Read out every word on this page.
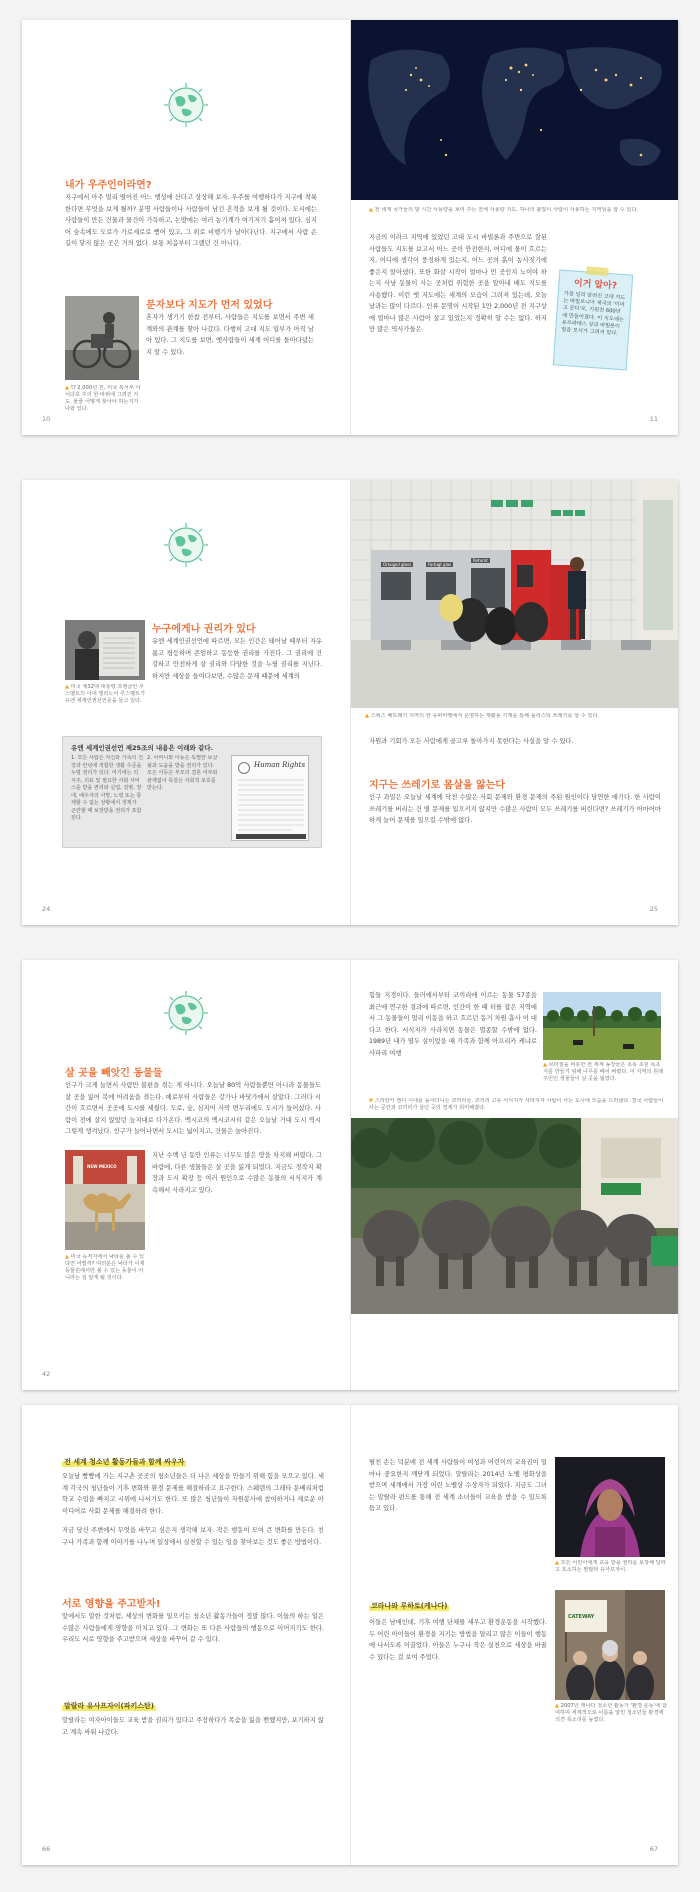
내가 우주인이라면?
지구에서 아주 멀리 떨어진 어느 행성에 산다고 상상해 보자. 우주를 여행하다가 지구에 착륙한다면 무엇을 보게 될까? 분명 사람들이나 사람들이 남긴 흔적을 보게 될 것이다. 도시에는 사람들이 만든 건물과 물건이 가득하고, 논밭에는 여러 농기계가 여기저기 흩어져 있다. 심지어 숲속에도 도로가 가로세로로 뻗어 있고, 그 위로 비행기가 날아다닌다. 지구에서 사람 손길이 닿지 않은 곳은 거의 없다. 보통 처음부터 그랬던 건 아니다.
문자보다 지도가 먼저 있었다
혼자가 생기기 한참 전부터, 사람들은 지도를 보면서 주변 세계와의 관계를 찾아 나갔다. 다행히 고대 지도 일부가 아직 남아 있다. 그 지도를 보면, 옛사람들이 세계 어디를 돌아다녔는지 알 수 있다.
▲ 약 2,000년 전, 미국 북서부 아이다호 주의 한 바위에 그려진 지도. 물줄 어떻게 찾아야 하는지가 나와 있다.
10
▲ 전 세계 국가들의 밤 시간 사용량을 보여 주는 전체 사용량 지도. 하나의 불빛이 사람이 사용하는 지역임을 알 수 있다.
지금의 이라크 지역에 있었던 고대 도시 바빌론과 주변으로 잘된 사람들도 지도를 보고서 어느 곳이 안전한지, 어디에 물이 흐르는지, 어디에 생각이 풍성하게 있는지, 어느 곳의 흙이 농사짓기에 좋은지 알아냈다. 또한 화살 시작이 얼마나 먼 곳인지 노이야 하는지 사냥 동물이 사는 곳처럼 위험한 곳을 알아내 배도 지도를 사용했다. 이런 옛 지도에는 세계의 모습이 그려져 있는데, 오늘날과는 많이 다르다. 인류 문명이 시작된 1만 2,000년 전 지구상에 얼마나 많은 사람이 살고 있었는지 정확히 알 수는 없다. 하지만 많은 역사가들은
이거 알아?
가장 널리 알려진 고대 지도는 바빌로니아 제국의 '이마고 문디'로, 기원전 600년에 만들어졌다. 이 지도에는 유프라테스 강과 바빌론이 얼음 모시가 그려져 있다.
11
누구에게나 권리가 있다
유엔 세계인권선언에 따르면, 모든 인간은 태어날 때부터 자유롭고 평등하며 존엄하고 동등한 권리를 가진다. 그 권리에 건강하고 안전하게 살 권리와 다양한 것을 누릴 권리를 지닌다. 하지만 세상을 들여다보면, 수많은 문제 때문에 세계의
▲ 미국 제32대 대통령 프랭클린 루스벨트의 아내 엘리노어 루스벨트가 유엔 세계인권선언문을 들고 있다.
유엔 세계인권선언 제25조의 내용은 이래와 같다.
1. 모든 사람은 자신과 가족의 건강과 안녕에 적합한 생활 수준을 누릴 권리가 있다. 여기에는 의식주, 의료 및 필요한 사회 서비스를 받을 권리와 실업, 질병, 장애, 배우자의 사망, 노령 또는 통제할 수 없는 상황에서 생계가 곤란할 때 보장받을 권리가 포함된다.
2. 어머니와 아동은 특별한 보살핌과 도움을 받을 권리가 있다. 모든 아동은 부모의 결혼 여부와 관계없이 똑같은 사회적 보호를 받는다.
Human Rights
24
Orkugeil glass	Farbigt glas
Returnt
▲ 스위스 페트레기 지역의 한 슈퍼마켓에서 운영하는 재활용 기계를 통해 플라스틱 쓰레기를 알 수 있다.
자원과 기회가 모든 사람에게 골고루 돌아가지 못한다는 사실을 알 수 있다.
지구는 쓰레기로 몸살을 앓는다
인구 과밀은 오늘날 세계에 닥친 수많은 사회 문제와 환경 문제의 주된 원인이다 당연한 얘기다. 한 사람이 쓰레기를 버리는 건 별 문제를 일으키지 않지만 수많은 사람이 모두 쓰레기를 버린다면? 쓰레기가 어마어마하게 늘어 문제를 일으킬 수밖에 없다.
25
살 곳을 빼앗긴 동물들
인구가 크게 늘면서 사람만 불편을 겪는 게 아니다. 오늘날 80억 사람들뿐만 아니라 동물들도 살 곳을 잃어 복에 어려움을 겪는다. 예로부터 사람들은 강가나 바닷가에서 살았다. 그러다 시간이 흐르면서 곳곳에 도시를 세웠다. 도로, 숲, 심지어 사막 변두리에도 도시가 들어섰다. 사람이 전에 살지 않았던 늪지대로 다가온다. 멕시코의 멕시코시티 같은 오늘날 거대 도시 역시 그렇게 생겨났다. 인구가 늘어나면서 도시는 넓어지고, 건물은 높아진다.
NEW MEXICO
지난 수백 년 동안 인류는 너무도 많은 땅을 차지해 버렸다. 그 바람에, 다른 생물들은 살 곳을 잃게 되었다. 지금도 경작지 확장과 도시 확장 등 여러 원인으로 수많은 동물의 서식지가 계속해서 사라지고 있다.
▲ 미국 뉴저지에서 낙타를 볼 수 있다면 어떨까? 여러분은 낙타가 이제 동물원에서만 볼 수 있는 동물이 아니라는 걸 알게 될 것이다.
42
힘들 지경이다. 들러에서부터 코끼리에 이르는 동물 57종을 최근에 연구한 결과에 따르면, 인간이 한 때 터를 잡은 지역에서 그 동물들이 멀리 이동을 하고 흐르던 동거 차원 흡사 이 대 다고 한다. 서식지가 사라지면 동물은 멸종할 수밖에 없다. 1989년 내가 열두 살이었을 때 가족과 함께 아프리카 케냐로 사파리 여행
▲ 브라질을 비롯한 전 세계 농장들은 초록 초원 목초지를 만들기 위해 나무를 베어 버렸다. 이 지역의 원래 주인인 생물들이 살 곳을 잃었다.
▼ 스리랑카 캔디 시내를 돌아다니는 코끼리들. 코끼리 고유 서식지가 사라지자 사람이 사는 도시에 모습을 드러냈다. 결국 사람들이 사는 공간과 코끼리가 살던 곳의 경계가 희미해졌다.
43
전 세계 청소년 활동가들과 함께 싸우자
오늘날 빵빵에 가는 지구촌 곳곳의 청소년들은 더 나은 세상을 만들기 위해 힘을 모으고 있다. 세계 각국의 청년들이 기후 변화와 환경 문제를 해결하라고 요구한다. 스웨덴의 그레타 툰베리처럼 학교 수업을 빠지고 시위에 나서기도 한다. 또 많은 청년들이 자원봉사에 참여하거나 새로운 아이디어로 사회 문제를 해결하려 한다.
지금 당신 주변에서 무엇을 바꾸고 싶은지 생각해 보자. 작은 행동이 모여 큰 변화를 만든다. 친구나 가족과 함께 이야기를 나누며 일상에서 실천할 수 있는 일을 찾아보는 것도 좋은 방법이다.
서로 영향을 주고받자!
앞에서도 말한 것처럼, 세상의 변화를 일으키는 청소년 활동가들이 정말 많다. 이들의 하는 일은 수많은 사람들에게 영향을 미치고 있다. 그 변화는 또 다른 사람들의 행동으로 이어지기도 한다. 우리도 서로 영향을 주고받으며 세상을 바꾸어 갈 수 있다.
말랄라 유사프자이(파키스탄)
말랄라는 여자아이들도 교육 받을 권리가 있다고 주장하다가 목숨을 잃을 뻔했지만, 포기하지 않고 계속 싸워 나갔다.
66
펼친 손는 덕분에 전 세계 사람들이 여성과 어린이의 교육권이 얼마나 중요한지 깨닫게 되었다. 말랄라는 2014년 노벨 평화상을 받으며 세계에서 가장 어린 노벨상 수상자가 되었다. 지금도 그녀는 말랄라 펀드를 통해 전 세계 소녀들이 교육을 받을 수 있도록 돕고 있다.
▲ 모든 어린이에게 교육 받을 권리를 보장해 달라고 호소하는 말랄라 유사프자이.
코라나와 루하토(케나다)
이들은 남매인데, 기후 여행 단체를 세우고 환경운동을 시작했다. 두 어린 아이들이 환경을 지키는 방법을 알리고 많은 이들이 행동에 나서도록 이끌었다. 이들은 누구나 작은 실천으로 세상을 바꿀 수 있다는 걸 보여 주었다.
CATEWAY
▲ 2007년 캐나다 청소년 활동가 '환경 운동'에 참여하며 세계적으로 이름을 알린 청소년들 환경에 의견 목소리를 높였다.
67
